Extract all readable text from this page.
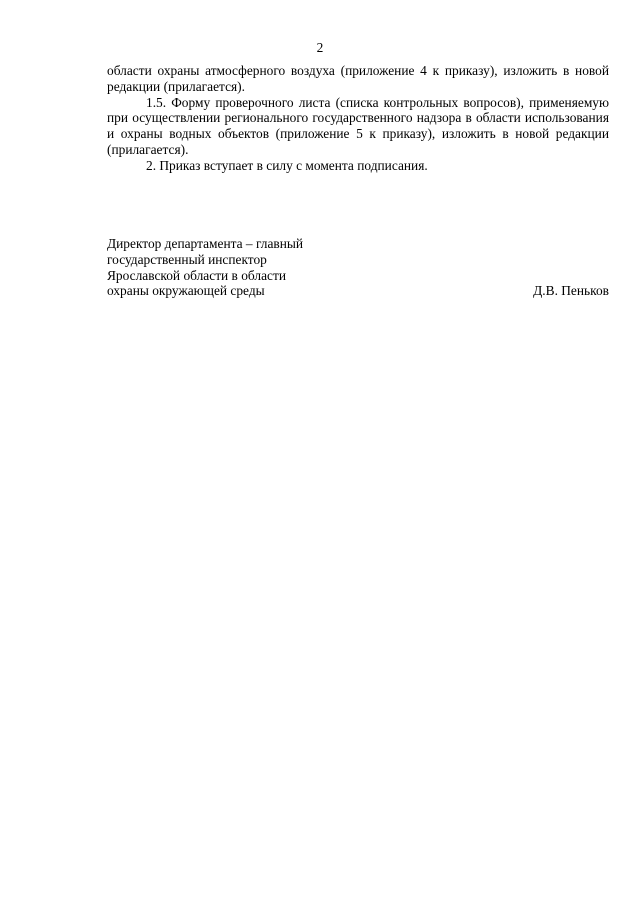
2

области охраны атмосферного воздуха (приложение 4 к приказу), изложить в новой редакции (прилагается).

1.5. Форму проверочного листа (списка контрольных вопросов), применяемую при осуществлении регионального государственного надзора в области использования и охраны водных объектов (приложение 5 к приказу), изложить в новой редакции (прилагается).

2. Приказ вступает в силу с момента подписания.

Директор департамента – главный
государственный инспектор
Ярославской области в области
охраны окружающей среды	Д.В. Пеньков
